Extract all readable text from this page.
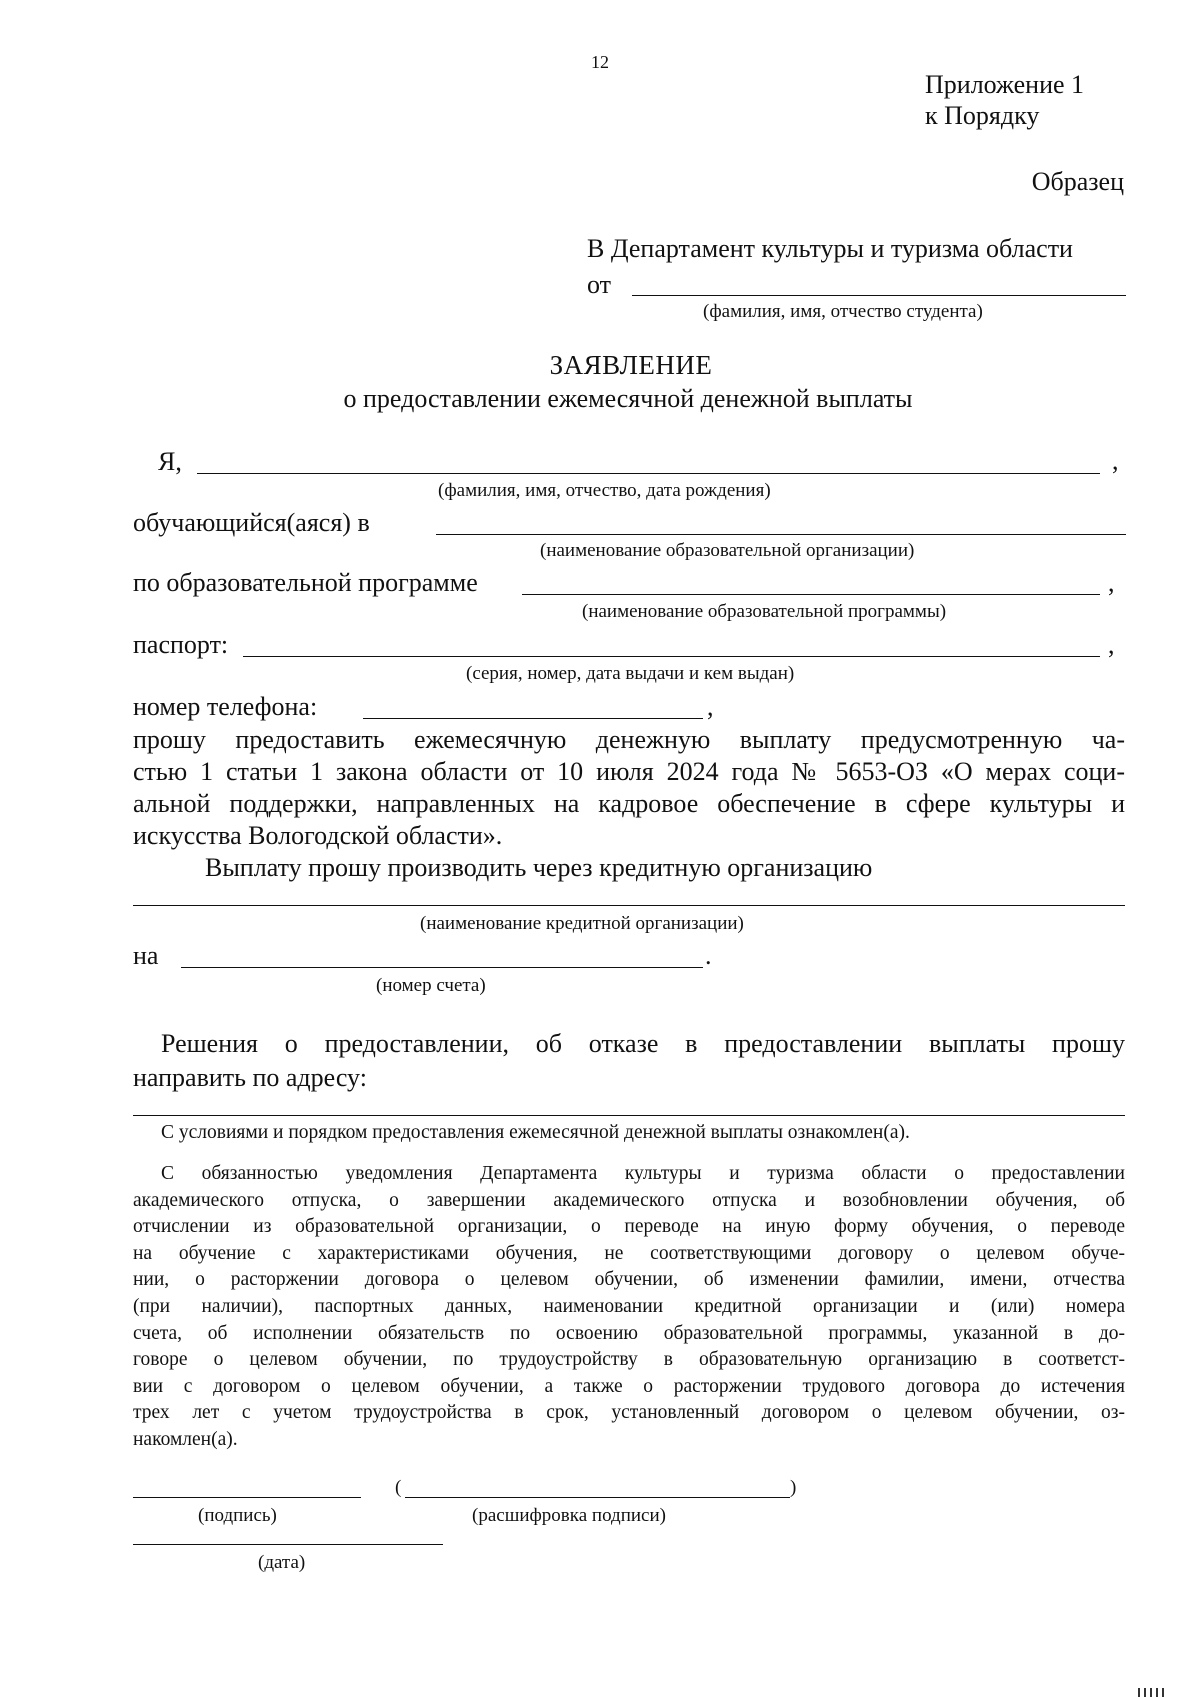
12
Приложение 1
к Порядку
Образец
В Департамент культуры и туризма области
от
(фамилия, имя, отчество студента)
ЗАЯВЛЕНИЕ
о предоставлении ежемесячной денежной выплаты
Я,	,
(фамилия, имя, отчество, дата рождения)
обучающийся(аяся) в
(наименование образовательной организации)
по образовательной программе	,
(наименование образовательной программы)
паспорт:	,
(серия, номер, дата выдачи и кем выдан)
номер телефона:	,
прошу предоставить ежемесячную денежную выплату предусмотренную ча-
стью 1 статьи 1 закона области от 10 июля 2024 года № 5653-ОЗ «О мерах соци-
альной поддержки, направленных на кадровое обеспечение в сфере культуры и
искусства Вологодской области».
Выплату прошу производить через кредитную организацию
(наименование кредитной организации)
на	.
(номер счета)
Решения о предоставлении, об отказе в предоставлении выплаты прошу
направить по адресу:
С условиями и порядком предоставления ежемесячной денежной выплаты ознакомлен(а).
С обязанностью уведомления Департамента культуры и туризма области о предоставлении
академического отпуска, о завершении академического отпуска и возобновлении обучения, об
отчислении из образовательной организации, о переводе на иную форму обучения, о переводе
на обучение с характеристиками обучения, не соответствующими договору о целевом обуче-
нии, о расторжении договора о целевом обучении, об изменении фамилии, имени, отчества
(при наличии), паспортных данных, наименовании кредитной организации и (или) номера
счета, об исполнении обязательств по освоению образовательной программы, указанной в до-
говоре о целевом обучении, по трудоустройству в образовательную организацию в соответст-
вии с договором о целевом обучении, а также о расторжении трудового договора до истечения
трех лет с учетом трудоустройства в срок, установленный договором о целевом обучении, оз-
накомлен(а).
(	)
(подпись)	(расшифровка подписи)
(дата)
